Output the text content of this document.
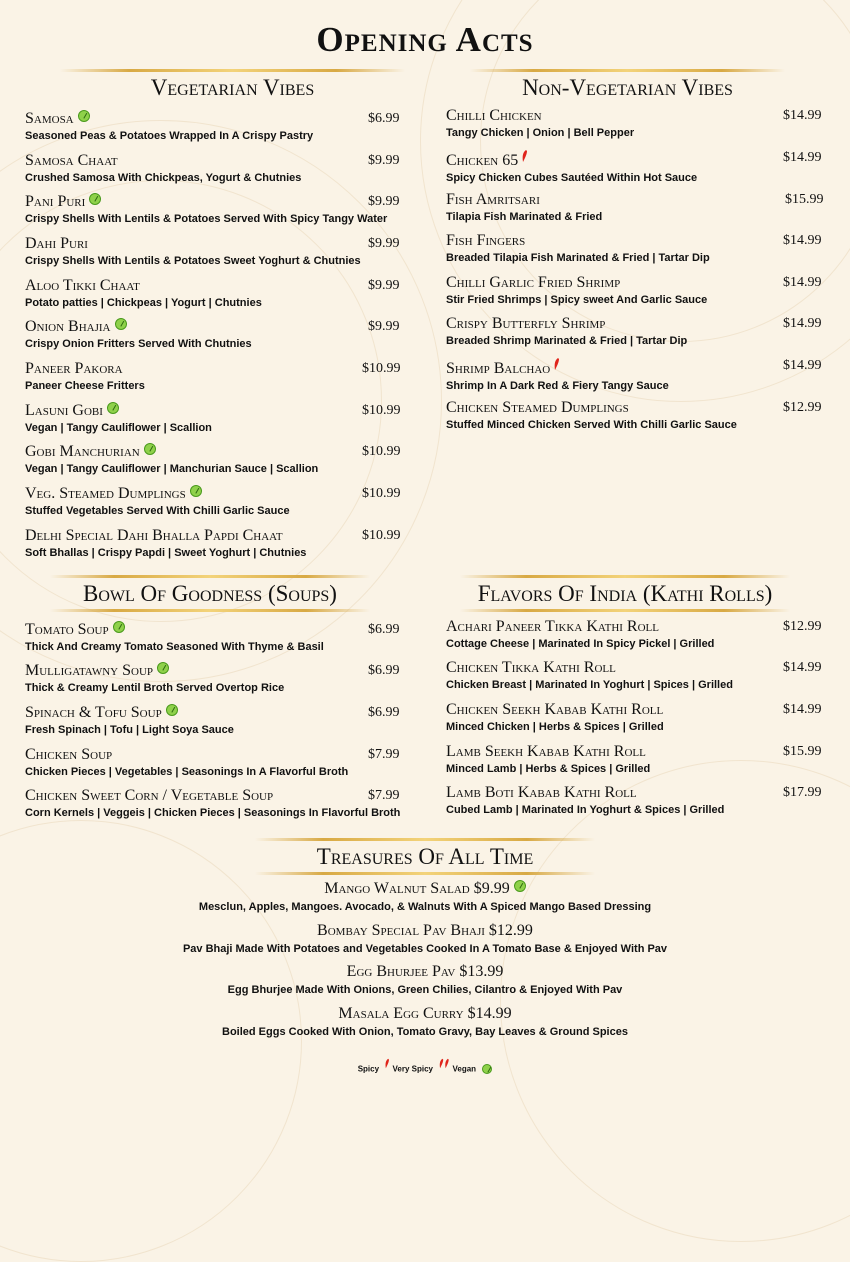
Opening Acts
Vegetarian Vibes	Non-Vegetarian Vibes
Bowl Of Goodness (Soups)	Flavors Of India (Kathi Rolls)
Treasures Of All Time
Samosa
Seasoned Peas & Potatoes Wrapped In A Crispy Pastry
$6.99
Samosa Chaat
Crushed Samosa With Chickpeas, Yogurt & Chutnies
$9.99
Pani Puri
Crispy Shells With Lentils & Potatoes Served With Spicy Tangy Water
$9.99
Dahi Puri
Crispy Shells With Lentils & Potatoes Sweet Yoghurt & Chutnies
$9.99
Aloo Tikki Chaat
Potato patties | Chickpeas | Yogurt | Chutnies
$9.99
Onion Bhajia
Crispy Onion Fritters Served With Chutnies
$9.99
Paneer Pakora
Paneer Cheese Fritters
$10.99
Lasuni Gobi
Vegan | Tangy Cauliflower | Scallion
$10.99
Gobi Manchurian
Vegan | Tangy Cauliflower | Manchurian Sauce | Scallion
$10.99
Veg. Steamed Dumplings
Stuffed Vegetables Served With Chilli Garlic Sauce
$10.99
Delhi Special Dahi Bhalla Papdi Chaat
Soft Bhallas | Crispy Papdi | Sweet Yoghurt | Chutnies
$10.99
Chilli Chicken
Tangy Chicken | Onion | Bell Pepper
$14.99
Chicken 65
Spicy Chicken Cubes Sautéed Within Hot Sauce
$14.99
Fish Amritsari
Tilapia Fish Marinated & Fried
$15.99
Fish Fingers
Breaded Tilapia Fish Marinated & Fried | Tartar Dip
$14.99
Chilli Garlic Fried Shrimp
Stir Fried Shrimps | Spicy sweet And Garlic Sauce
$14.99
Crispy Butterfly Shrimp
Breaded Shrimp Marinated & Fried | Tartar Dip
$14.99
Shrimp Balchao
Shrimp In A Dark Red & Fiery Tangy Sauce
$14.99
Chicken Steamed Dumplings
Stuffed Minced Chicken Served With Chilli Garlic Sauce
$12.99
Tomato Soup
Thick And Creamy Tomato Seasoned With Thyme & Basil
$6.99
Mulligatawny Soup
Thick & Creamy Lentil Broth Served Overtop Rice
$6.99
Spinach & Tofu Soup
Fresh Spinach | Tofu | Light Soya Sauce
$6.99
Chicken Soup
Chicken Pieces | Vegetables | Seasonings In A Flavorful Broth
$7.99
Chicken Sweet Corn / Vegetable Soup
Corn Kernels | Veggeis | Chicken Pieces | Seasonings In Flavorful Broth
$7.99
Achari Paneer Tikka Kathi Roll
Cottage Cheese | Marinated In Spicy Pickel | Grilled
$12.99
Chicken Tikka Kathi Roll
Chicken Breast | Marinated In Yoghurt | Spices | Grilled
$14.99
Chicken Seekh Kabab Kathi Roll
Minced Chicken | Herbs & Spices | Grilled
$14.99
Lamb Seekh Kabab Kathi Roll
Minced Lamb | Herbs & Spices | Grilled
$15.99
Lamb Boti Kabab Kathi Roll
Cubed Lamb | Marinated In Yoghurt & Spices | Grilled
$17.99
Mango Walnut Salad $9.99
Mesclun, Apples, Mangoes. Avocado, & Walnuts With A Spiced Mango Based Dressing
Bombay Special Pav Bhaji $12.99
Pav Bhaji Made With Potatoes and Vegetables Cooked In A Tomato Base & Enjoyed With Pav
Egg Bhurjee Pav $13.99
Egg Bhurjee Made With Onions, Green Chilies, Cilantro & Enjoyed With Pav
Masala Egg Curry $14.99
Boiled Eggs Cooked With Onion, Tomato Gravy, Bay Leaves & Ground Spices
Spicy Very Spicy Vegan
